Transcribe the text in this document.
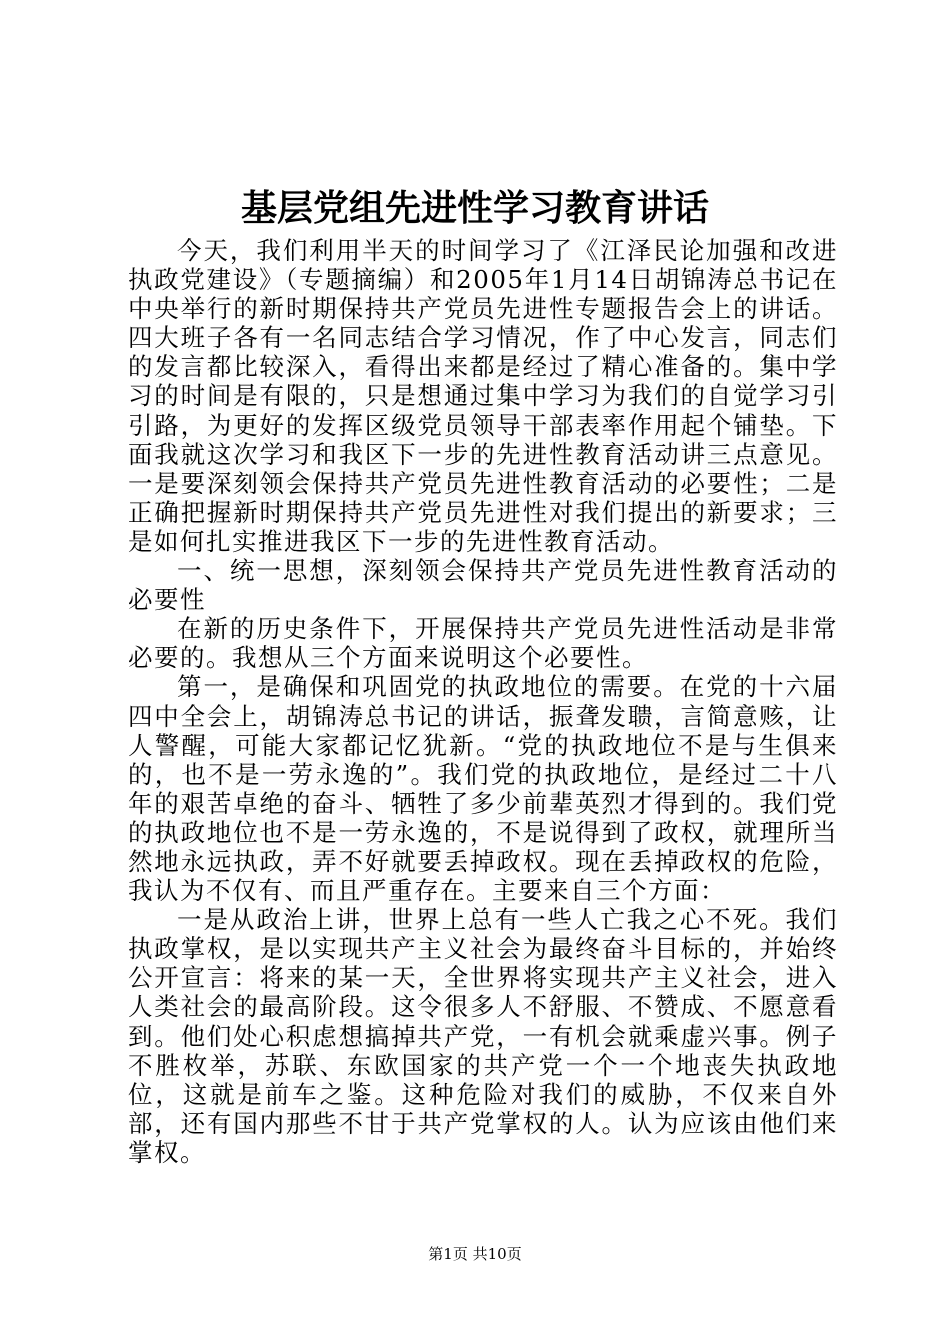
基层党组先进性学习教育讲话

今天，我们利用半天的时间学习了《江泽民论加强和改进执政党建设》（专题摘编）和2005年1月14日胡锦涛总书记在中央举行的新时期保持共产党员先进性专题报告会上的讲话。四大班子各有一名同志结合学习情况，作了中心发言，同志们的发言都比较深入，看得出来都是经过了精心准备的。集中学习的时间是有限的，只是想通过集中学习为我们的自觉学习引引路，为更好的发挥区级党员领导干部表率作用起个铺垫。下面我就这次学习和我区下一步的先进性教育活动讲三点意见。一是要深刻领会保持共产党员先进性教育活动的必要性；二是正确把握新时期保持共产党员先进性对我们提出的新要求；三是如何扎实推进我区下一步的先进性教育活动。

一、统一思想，深刻领会保持共产党员先进性教育活动的必要性

在新的历史条件下，开展保持共产党员先进性活动是非常必要的。我想从三个方面来说明这个必要性。

第一，是确保和巩固党的执政地位的需要。在党的十六届四中全会上，胡锦涛总书记的讲话，振聋发聩，言简意赅，让人警醒，可能大家都记忆犹新。“党的执政地位不是与生俱来的，也不是一劳永逸的”。我们党的执政地位，是经过二十八年的艰苦卓绝的奋斗、牺牲了多少前辈英烈才得到的。我们党的执政地位也不是一劳永逸的，不是说得到了政权，就理所当然地永远执政，弄不好就要丢掉政权。现在丢掉政权的危险，我认为不仅有、而且严重存在。主要来自三个方面：

一是从政治上讲，世界上总有一些人亡我之心不死。我们执政掌权，是以实现共产主义社会为最终奋斗目标的，并始终公开宣言：将来的某一天，全世界将实现共产主义社会，进入人类社会的最高阶段。这令很多人不舒服、不赞成、不愿意看到。他们处心积虑想搞掉共产党，一有机会就乘虚兴事。例子不胜枚举，苏联、东欧国家的共产党一个一个地丧失执政地位，这就是前车之鉴。这种危险对我们的威胁，不仅来自外部，还有国内那些不甘于共产党掌权的人。认为应该由他们来掌权。

第1页 共10页
